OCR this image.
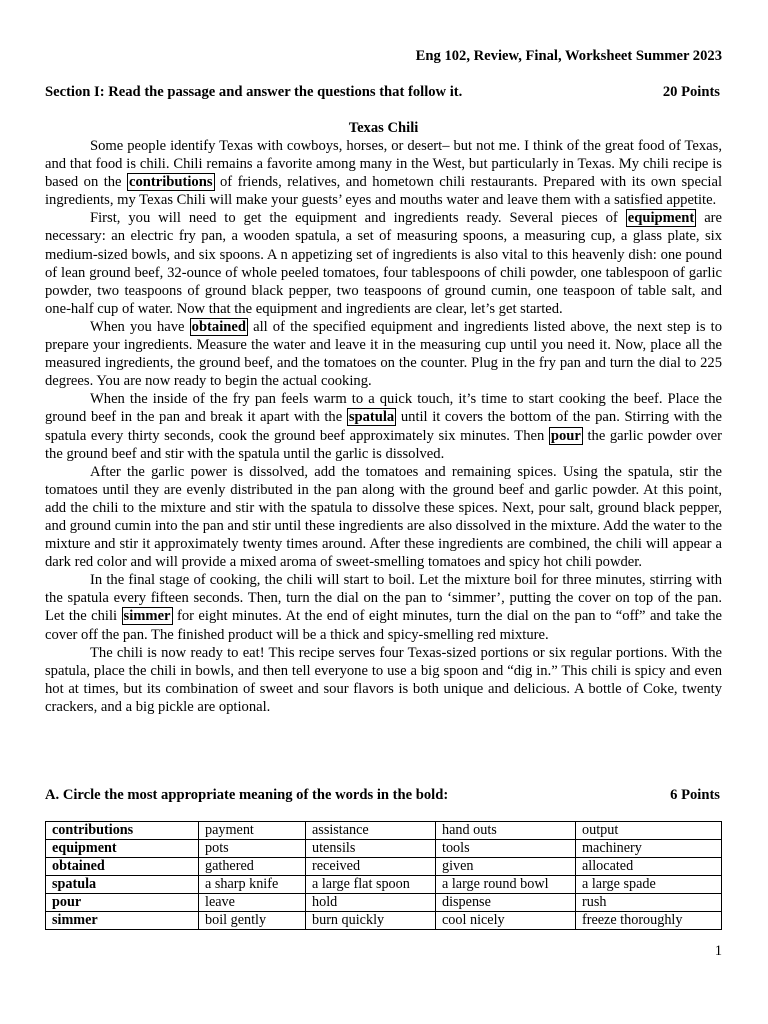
Eng 102, Review, Final, Worksheet Summer 2023
Section I: Read the passage and answer the questions that follow it.	20 Points
Texas Chili

Some people identify Texas with cowboys, horses, or desert– but not me. I think of the great food of Texas, and that food is chili. Chili remains a favorite among many in the West, but particularly in Texas. My chili recipe is based on the contributions of friends, relatives, and hometown chili restaurants. Prepared with its own special ingredients, my Texas Chili will make your guests’ eyes and mouths water and leave them with a satisfied appetite.

First, you will need to get the equipment and ingredients ready. Several pieces of equipment are necessary: an electric fry pan, a wooden spatula, a set of measuring spoons, a measuring cup, a glass plate, six medium-sized bowls, and six spoons. A n appetizing set of ingredients is also vital to this heavenly dish: one pound of lean ground beef, 32-ounce of whole peeled tomatoes, four tablespoons of chili powder, one tablespoon of garlic powder, two teaspoons of ground black pepper, two teaspoons of ground cumin, one teaspoon of table salt, and one-half cup of water. Now that the equipment and ingredients are clear, let’s get started.

When you have obtained all of the specified equipment and ingredients listed above, the next step is to prepare your ingredients. Measure the water and leave it in the measuring cup until you need it. Now, place all the measured ingredients, the ground beef, and the tomatoes on the counter. Plug in the fry pan and turn the dial to 225 degrees. You are now ready to begin the actual cooking.

When the inside of the fry pan feels warm to a quick touch, it’s time to start cooking the beef. Place the ground beef in the pan and break it apart with the spatula until it covers the bottom of the pan. Stirring with the spatula every thirty seconds, cook the ground beef approximately six minutes. Then pour the garlic powder over the ground beef and stir with the spatula until the garlic is dissolved.

After the garlic power is dissolved, add the tomatoes and remaining spices. Using the spatula, stir the tomatoes until they are evenly distributed in the pan along with the ground beef and garlic powder. At this point, add the chili to the mixture and stir with the spatula to dissolve these spices. Next, pour salt, ground black pepper, and ground cumin into the pan and stir until these ingredients are also dissolved in the mixture. Add the water to the mixture and stir it approximately twenty times around. After these ingredients are combined, the chili will appear a dark red color and will provide a mixed aroma of sweet-smelling tomatoes and spicy hot chili powder.

In the final stage of cooking, the chili will start to boil. Let the mixture boil for three minutes, stirring with the spatula every fifteen seconds. Then, turn the dial on the pan to ‘simmer’, putting the cover on top of the pan. Let the chili simmer for eight minutes. At the end of eight minutes, turn the dial on the pan to “off” and take the cover off the pan. The finished product will be a thick and spicy-smelling red mixture.

The chili is now ready to eat! This recipe serves four Texas-sized portions or six regular portions. With the spatula, place the chili in bowls, and then tell everyone to use a big spoon and “dig in.” This chili is spicy and even hot at times, but its combination of sweet and sour flavors is both unique and delicious. A bottle of Coke, twenty crackers, and a big pickle are optional.

A. Circle the most appropriate meaning of the words in the bold:	6 Points
contributions	payment	assistance	hand outs	output
equipment	pots	utensils	tools	machinery
obtained	gathered	received	given	allocated
spatula	a sharp knife	a large flat spoon	a large round bowl	a large spade
pour	leave	hold	dispense	rush
simmer	boil gently	burn quickly	cool nicely	freeze thoroughly
1
